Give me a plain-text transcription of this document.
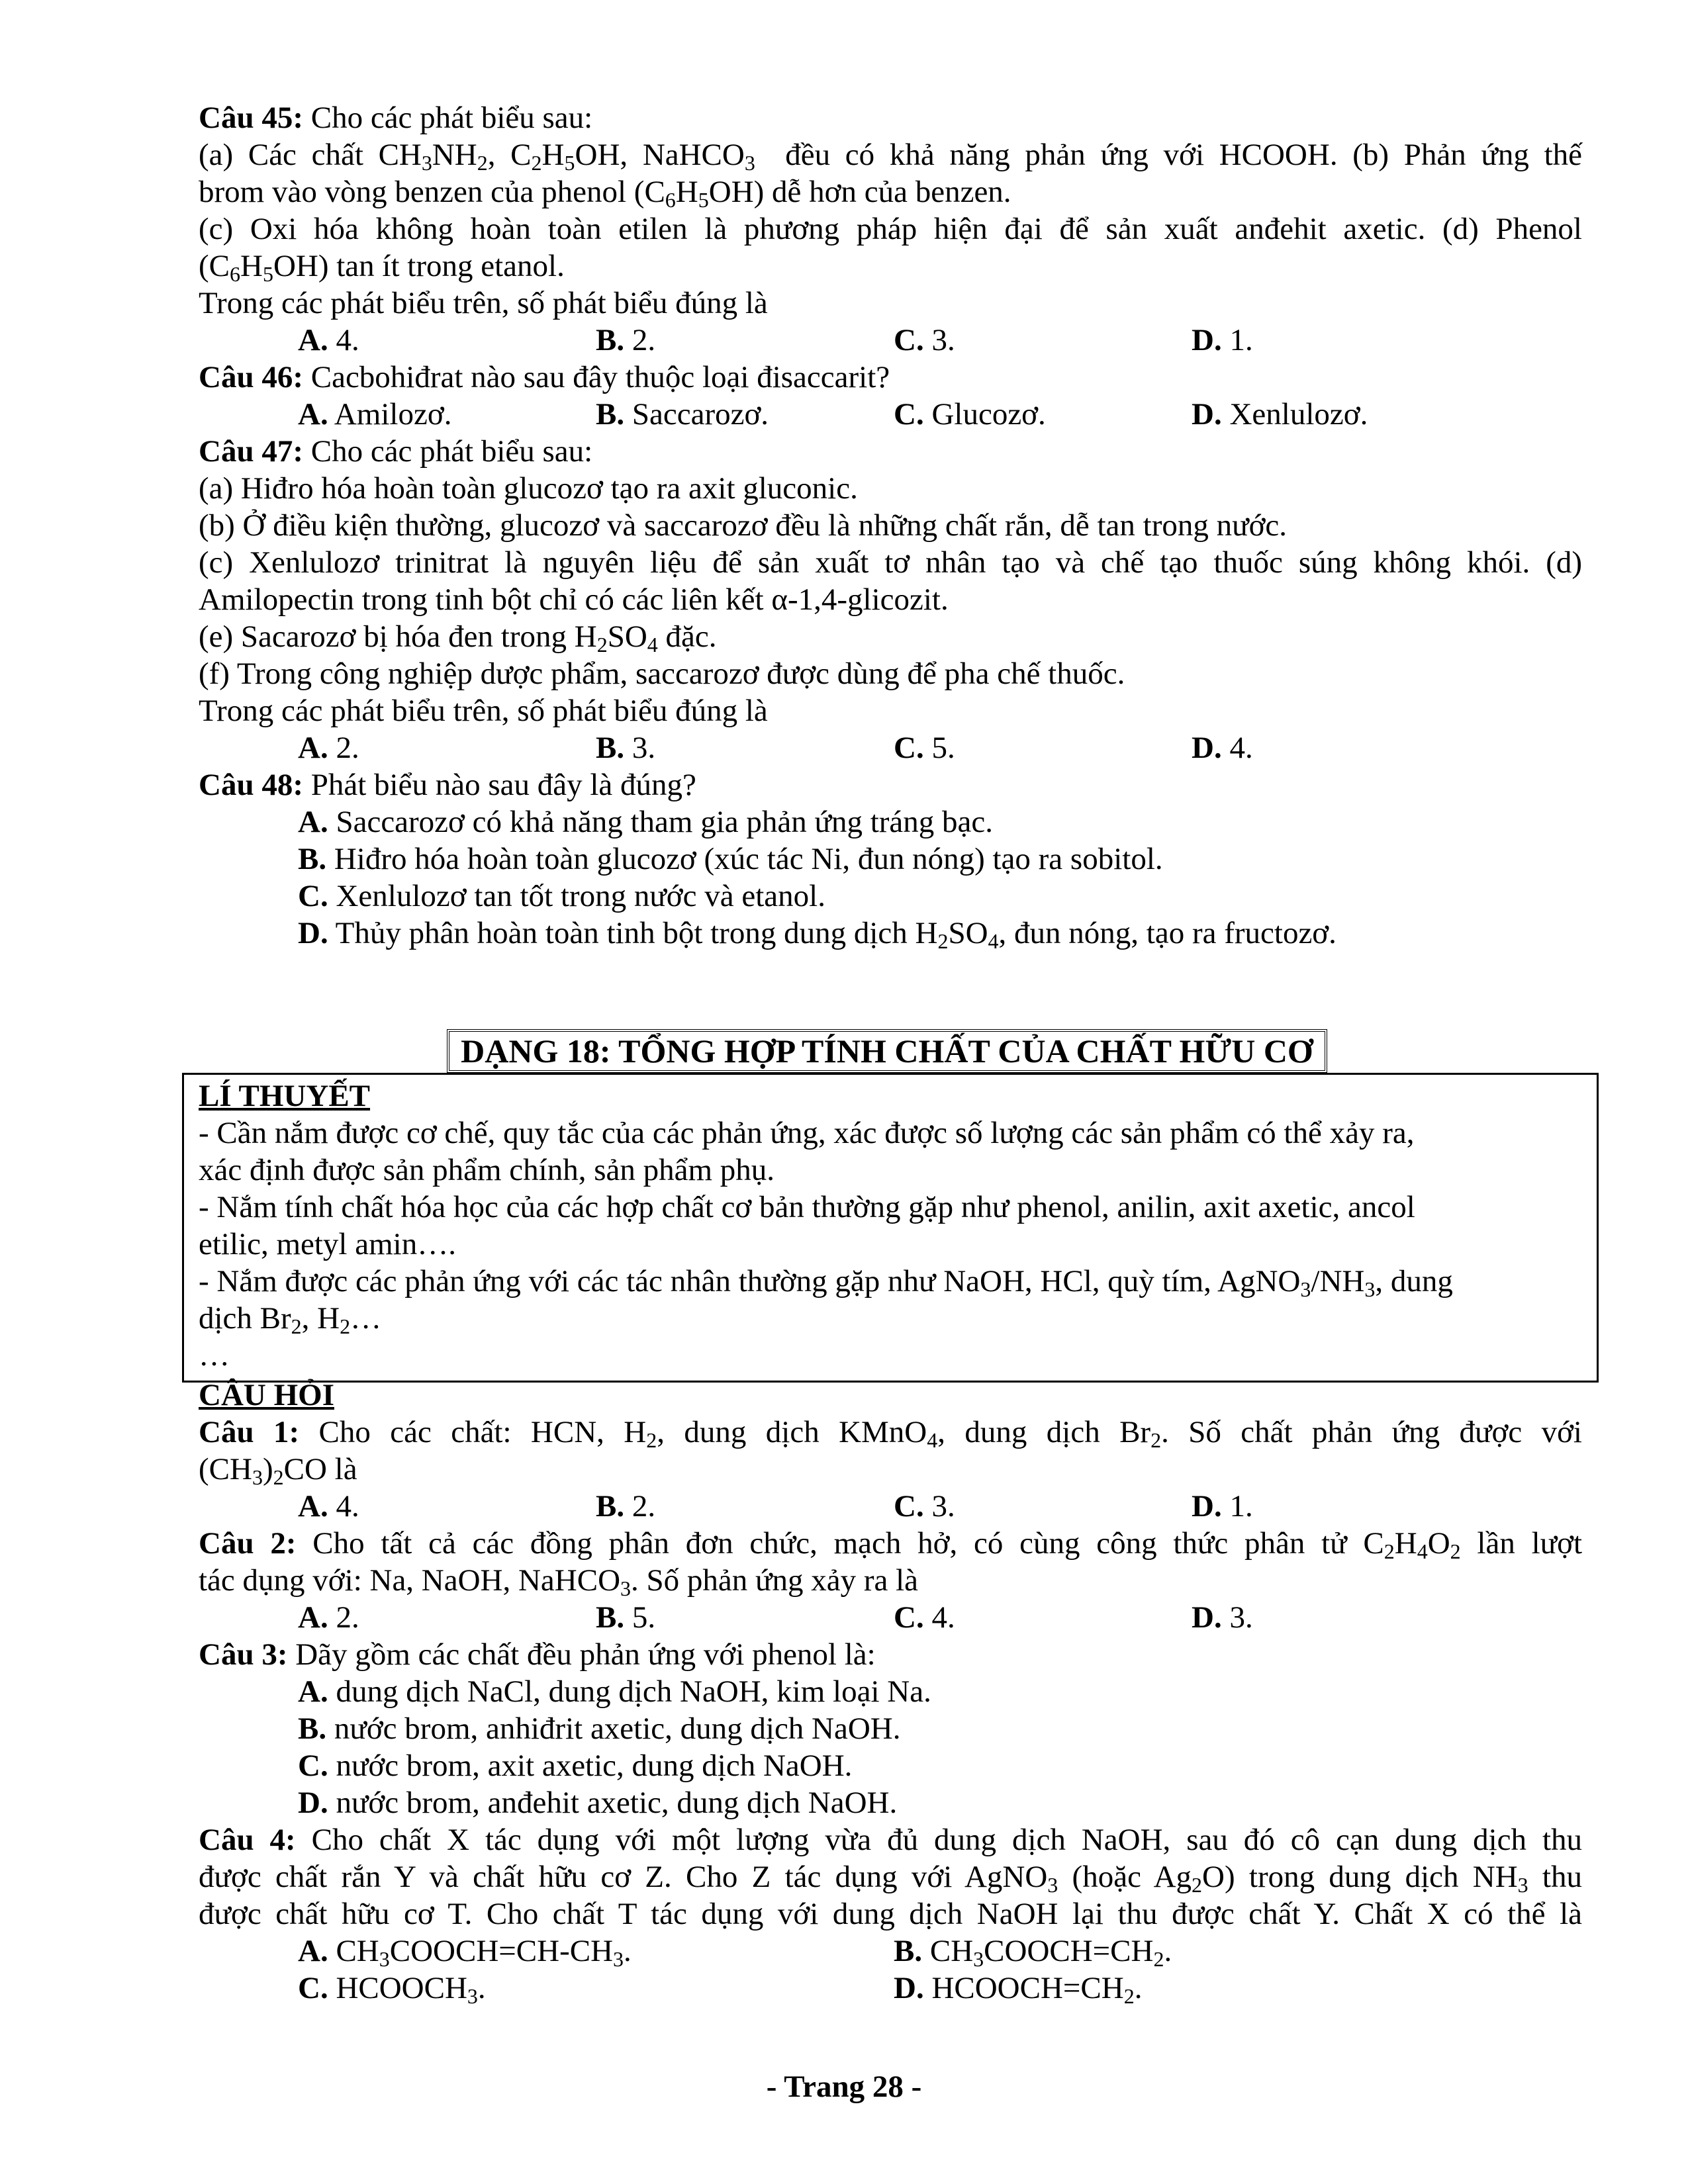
Câu 45: Cho các phát biểu sau:
(a) Các chất $CH_3NH_2$, $C_2H_5OH$, NaHCO$_3$  đều có khả năng phản ứng với HCOOH. (b) Phản ứng thế
brom vào vòng benzen của phenol $(C_6H_5OH)$ dễ hơn của benzen.
(c) Oxi hóa không hoàn toàn etilen là phương pháp hiện đại để sản xuất anđehit axetic. (d) Phenol
$(C_6H_5OH)$ tan ít trong etanol.
Trong các phát biểu trên, số phát biểu đúng là
A. 4.	B. 2.	C. 3.	D. 1.
Câu 46: Cacbohiđrat nào sau đây thuộc loại đisaccarit?
A. Amilozơ.	B. Saccarozơ.	C. Glucozơ.	D. Xenlulozơ.
Câu 47: Cho các phát biểu sau:
(a) Hiđro hóa hoàn toàn glucozơ tạo ra axit gluconic.
(b) Ở điều kiện thường, glucozơ và saccarozơ đều là những chất rắn, dễ tan trong nước.
(c) Xenlulozơ trinitrat là nguyên liệu để sản xuất tơ nhân tạo và chế tạo thuốc súng không khói. (d)
Amilopectin trong tinh bột chỉ có các liên kết α-1,4-glicozit.
(e) Sacarozơ bị hóa đen trong $H_2SO_4$ đặc.
(f) Trong công nghiệp dược phẩm, saccarozơ được dùng để pha chế thuốc.
Trong các phát biểu trên, số phát biểu đúng là
A. 2.	B. 3.	C. 5.	D. 4.
Câu 48: Phát biểu nào sau đây là đúng?
A. Saccarozơ có khả năng tham gia phản ứng tráng bạc.
B. Hiđro hóa hoàn toàn glucozơ (xúc tác Ni, đun nóng) tạo ra sobitol.
C. Xenlulozơ tan tốt trong nước và etanol.
D. Thủy phân hoàn toàn tinh bột trong dung dịch $H_2SO_4$, đun nóng, tạo ra fructozơ.
DẠNG 18: TỔNG HỢP TÍNH CHẤT CỦA CHẤT HỮU CƠ
LÍ THUYẾT
- Cần nắm được cơ chế, quy tắc của các phản ứng, xác được số lượng các sản phẩm có thể xảy ra,
xác định được sản phẩm chính, sản phẩm phụ.
- Nắm tính chất hóa học của các hợp chất cơ bản thường gặp như phenol, anilin, axit axetic, ancol
etilic, metyl amin….
- Nắm được các phản ứng với các tác nhân thường gặp như NaOH, HCl, quỳ tím, $AgNO_3/NH_3$, dung
dịch $Br_2$, $H_2\dots$
…
CÂU HỎI
Câu 1: Cho các chất: HCN, $H_2$, dung dịch KMnO$_4$, dung dịch $Br_2$. Số chất phản ứng được với
$(CH_3)_2CO$ là
A. 4.	B. 2.	C. 3.	D. 1.
Câu 2: Cho tất cả các đồng phân đơn chức, mạch hở, có cùng công thức phân tử $C_2H_4O_2$ lần lượt
tác dụng với: Na, NaOH, NaHCO$_3$. Số phản ứng xảy ra là
A. 2.	B. 5.	C. 4.	D. 3.
Câu 3: Dãy gồm các chất đều phản ứng với phenol là:
A. dung dịch NaCl, dung dịch NaOH, kim loại Na.
B. nước brom, anhiđrit axetic, dung dịch NaOH.
C. nước brom, axit axetic, dung dịch NaOH.
D. nước brom, anđehit axetic, dung dịch NaOH.
Câu 4: Cho chất X tác dụng với một lượng vừa đủ dung dịch NaOH, sau đó cô cạn dung dịch thu
được chất rắn Y và chất hữu cơ Z. Cho Z tác dụng với AgNO$_3$ (hoặc $Ag_2O$) trong dung dịch $NH_3$ thu
được chất hữu cơ T. Cho chất T tác dụng với dung dịch NaOH lại thu được chất Y. Chất X có thể là
A. $CH_3COOCH=CH-CH_3$.	B. $CH_3COOCH=CH_2$.
C. $HCOOCH_3$.	D. $HCOOCH=CH_2$.
- Trang 28 -
